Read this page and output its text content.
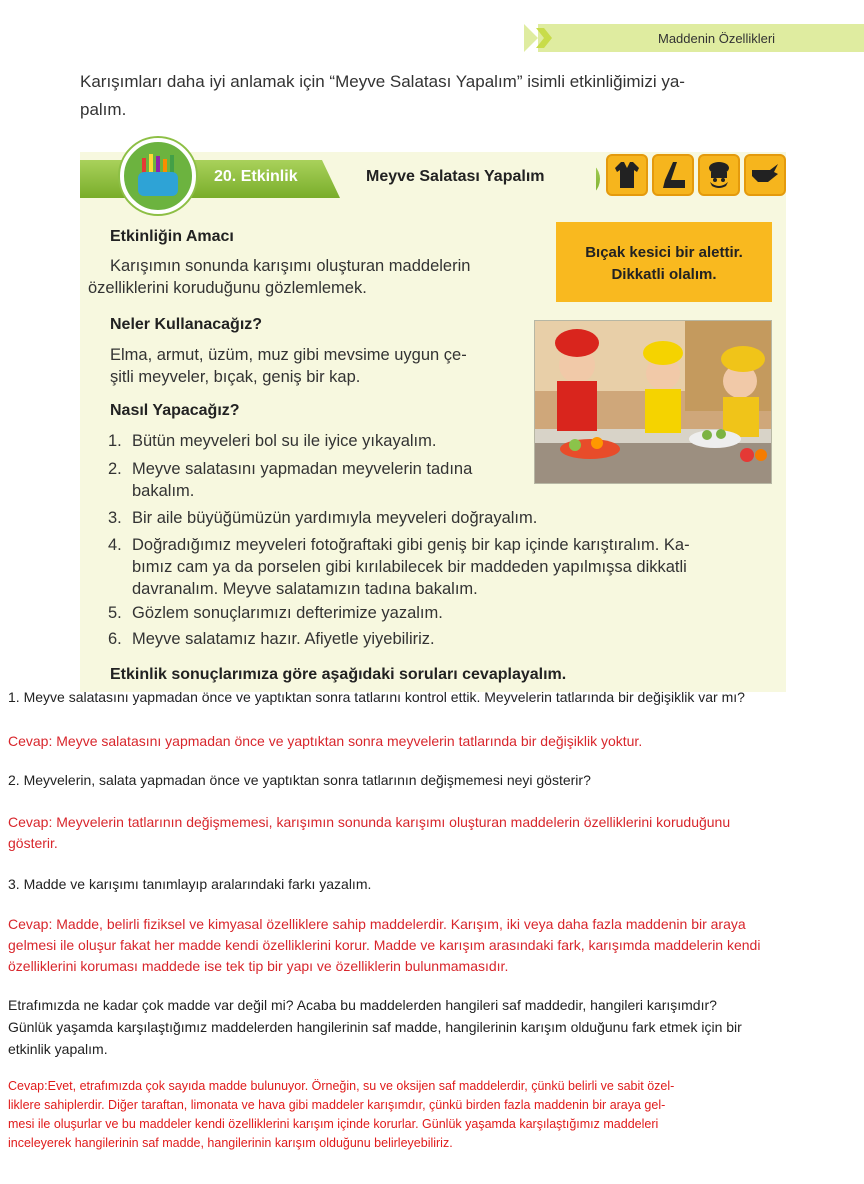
Maddenin Özellikleri
Karışımları daha iyi anlamak için “Meyve Salatası Yapalım” isimli etkinliğimizi ya-
palım.
20. Etkinlik	Meyve Salatası Yapalım
Bıçak kesici bir alettir.
Dikkatli olalım.
Etkinliğin Amacı
Karışımın sonunda karışımı oluşturan maddelerin
özelliklerini koruduğunu gözlemlemek.
Neler Kullanacağız?
Elma, armut, üzüm, muz gibi mevsime uygun çe-
şitli meyveler, bıçak, geniş bir kap.
Nasıl Yapacağız?
1. Bütün meyveleri bol su ile iyice yıkayalım.
2. Meyve salatasını yapmadan meyvelerin tadına
bakalım.
3. Bir aile büyüğümüzün yardımıyla meyveleri doğrayalım.
4. Doğradığımız meyveleri fotoğraftaki gibi geniş bir kap içinde karıştıralım. Ka-
bımız cam ya da porselen gibi kırılabilecek bir maddeden yapılmışsa dikkatli
davranalım. Meyve salatamızın tadına bakalım.
5. Gözlem sonuçlarımızı defterimize yazalım.
6. Meyve salatamız hazır. Afiyetle yiyebiliriz.
Etkinlik sonuçlarımıza göre aşağıdaki soruları cevaplayalım.
1. Meyve salatasını yapmadan önce ve yaptıktan sonra tatlarını kontrol ettik. Meyvelerin tatlarında bir değişiklik var mı?
Cevap: Meyve salatasını yapmadan önce ve yaptıktan sonra meyvelerin tatlarında bir değişiklik yoktur.
2. Meyvelerin, salata yapmadan önce ve yaptıktan sonra tatlarının değişmemesi neyi gösterir?
Cevap: Meyvelerin tatlarının değişmemesi, karışımın sonunda karışımı oluşturan maddelerin özelliklerini koruduğunu
gösterir.
3. Madde ve karışımı tanımlayıp aralarındaki farkı yazalım.
Cevap: Madde, belirli fiziksel ve kimyasal özelliklere sahip maddelerdir. Karışım, iki veya daha fazla maddenin bir araya
gelmesi ile oluşur fakat her madde kendi özelliklerini korur. Madde ve karışım arasındaki fark, karışımda maddelerin kendi
özelliklerini koruması maddede ise tek tip bir yapı ve özelliklerin bulunmamasıdır.
Etrafımızda ne kadar çok madde var değil mi? Acaba bu maddelerden hangileri saf maddedir, hangileri karışımdır?
Günlük yaşamda karşılaştığımız maddelerden hangilerinin saf madde, hangilerinin karışım olduğunu fark etmek için bir
etkinlik yapalım.
Cevap:Evet, etrafımızda çok sayıda madde bulunuyor. Örneğin, su ve oksijen saf maddelerdir, çünkü belirli ve sabit özel-
liklere sahiplerdir. Diğer taraftan, limonata ve hava gibi maddeler karışımdır, çünkü birden fazla maddenin bir araya gel-
mesi ile oluşurlar ve bu maddeler kendi özelliklerini karışım içinde korurlar. Günlük yaşamda karşılaştığımız maddeleri
inceleyerek hangilerinin saf madde, hangilerinin karışım olduğunu belirleyebiliriz.
